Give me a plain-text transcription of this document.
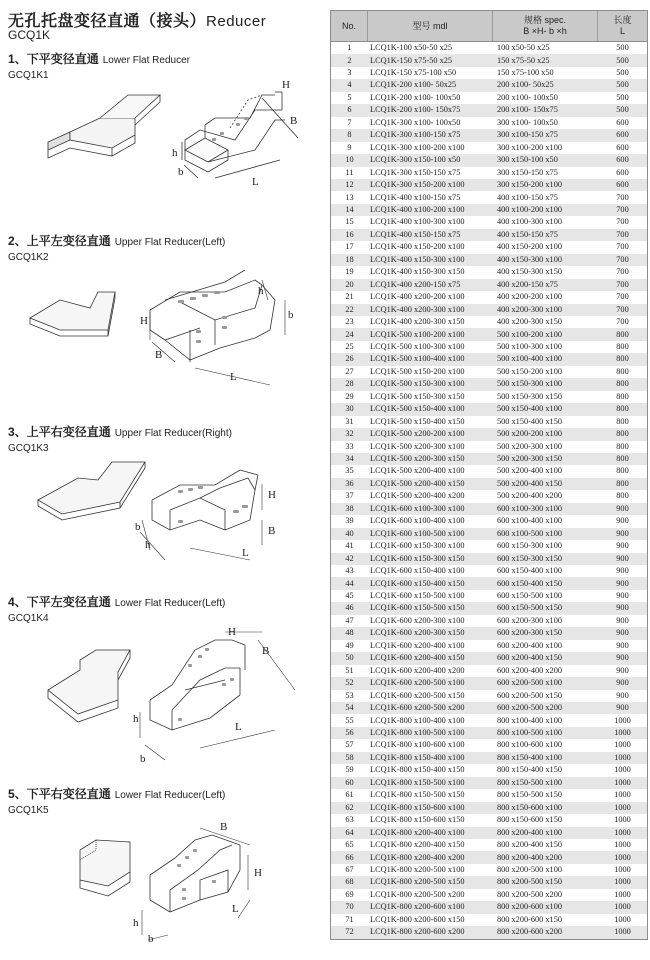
无孔托盘变径直通（接头）Reducer
GCQ1K
1、下平变径直通 Lower Flat Reducer
GCQ1K1
H
B
h
b
L
2、上平左变径直通 Upper Flat Reducer(Left)
GCQ1K2
H
B
h
b
L
3、上平右变径直通 Upper Flat Reducer(Right)
GCQ1K3
b
h
H
B
L
4、下平左变径直通 Lower Flat Reducer(Left)
GCQ1K4
H
B
h
b
L
5、下平右变径直通 Lower Flat Reducer(Left)
GCQ1K5
B
H
L
h
b
No.	型号 mdl
规格 spec.
B ×H- b ×h
长度
L
1	LCQ1K-100 x50-50 x25	100 x50-50 x25	500
2	LCQ1K-150 x75-50 x25	150 x75-50 x25	500
3	LCQ1K-150 x75-100 x50	150 x75-100 x50	500
4	LCQ1K-200 x100- 50x25	200 x100- 50x25	500
5	LCQ1K-200 x100- 100x50	200 x100- 100x50	500
6	LCQ1K-200 x100- 150x75	200 x100- 150x75	500
7	LCQ1K-300 x100- 100x50	300 x100- 100x50	600
8	LCQ1K-300 x100-150 x75	300 x100-150 x75	600
9	LCQ1K-300 x100-200 x100	300 x100-200 x100	600
10	LCQ1K-300 x150-100 x50	300 x150-100 x50	600
11	LCQ1K-300 x150-150 x75	300 x150-150 x75	600
12	LCQ1K-300 x150-200 x100	300 x150-200 x100	600
13	LCQ1K-400 x100-150 x75	400 x100-150 x75	700
14	LCQ1K-400 x100-200 x100	400 x100-200 x100	700
15	LCQ1K-400 x100-300 x100	400 x100-300 x100	700
16	LCQ1K-400 x150-150 x75	400 x150-150 x75	700
17	LCQ1K-400 x150-200 x100	400 x150-200 x100	700
18	LCQ1K-400 x150-300 x100	400 x150-300 x100	700
19	LCQ1K-400 x150-300 x150	400 x150-300 x150	700
20	LCQ1K-400 x200-150 x75	400 x200-150 x75	700
21	LCQ1K-400 x200-200 x100	400 x200-200 x100	700
22	LCQ1K-400 x200-300 x100	400 x200-300 x100	700
23	LCQ1K-400 x200-300 x150	400 x200-300 x150	700
24	LCQ1K-500 x100-200 x100	500 x100-200 x100	800
25	LCQ1K-500 x100-300 x100	500 x100-300 x100	800
26	LCQ1K-500 x100-400 x100	500 x100-400 x100	800
27	LCQ1K-500 x150-200 x100	500 x150-200 x100	800
28	LCQ1K-500 x150-300 x100	500 x150-300 x100	800
29	LCQ1K-500 x150-300 x150	500 x150-300 x150	800
30	LCQ1K-500 x150-400 x100	500 x150-400 x100	800
31	LCQ1K-500 x150-400 x150	500 x150-400 x150	800
32	LCQ1K-500 x200-200 x100	500 x200-200 x100	800
33	LCQ1K-500 x200-300 x100	500 x200-300 x100	800
34	LCQ1K-500 x200-300 x150	500 x200-300 x150	800
35	LCQ1K-500 x200-400 x100	500 x200-400 x100	800
36	LCQ1K-500 x200-400 x150	500 x200-400 x150	800
37	LCQ1K-500 x200-400 x200	500 x200-400 x200	800
38	LCQ1K-600 x100-300 x100	600 x100-300 x100	900
39	LCQ1K-600 x100-400 x100	600 x100-400 x100	900
40	LCQ1K-600 x100-500 x100	600 x100-500 x100	900
41	LCQ1K-600 x150-300 x100	600 x150-300 x100	900
42	LCQ1K-600 x150-300 x150	600 x150-300 x150	900
43	LCQ1K-600 x150-400 x100	600 x150-400 x100	900
44	LCQ1K-600 x150-400 x150	600 x150-400 x150	900
45	LCQ1K-600 x150-500 x100	600 x150-500 x100	900
46	LCQ1K-600 x150-500 x150	600 x150-500 x150	900
47	LCQ1K-600 x200-300 x100	600 x200-300 x100	900
48	LCQ1K-600 x200-300 x150	600 x200-300 x150	900
49	LCQ1K-600 x200-400 x100	600 x200-400 x100	900
50	LCQ1K-600 x200-400 x150	600 x200-400 x150	900
51	LCQ1K-600 x200-400 x200	600 x200-400 x200	900
52	LCQ1K-600 x200-500 x100	600 x200-500 x100	900
53	LCQ1K-600 x200-500 x150	600 x200-500 x150	900
54	LCQ1K-600 x200-500 x200	600 x200-500 x200	900
55	LCQ1K-800 x100-400 x100	800 x100-400 x100	1000
56	LCQ1K-800 x100-500 x100	800 x100-500 x100	1000
57	LCQ1K-800 x100-600 x100	800 x100-600 x100	1000
58	LCQ1K-800 x150-400 x100	800 x150-400 x100	1000
59	LCQ1K-800 x150-400 x150	800 x150-400 x150	1000
60	LCQ1K-800 x150-500 x100	800 x150-500 x100	1000
61	LCQ1K-800 x150-500 x150	800 x150-500 x150	1000
62	LCQ1K-800 x150-600 x100	800 x150-600 x100	1000
63	LCQ1K-800 x150-600 x150	800 x150-600 x150	1000
64	LCQ1K-800 x200-400 x100	800 x200-400 x100	1000
65	LCQ1K-800 x200-400 x150	800 x200-400 x150	1000
66	LCQ1K-800 x200-400 x200	800 x200-400 x200	1000
67	LCQ1K-800 x200-500 x100	800 x200-500 x100	1000
68	LCQ1K-800 x200-500 x150	800 x200-500 x150	1000
69	LCQ1K-800 x200-500 x200	800 x200-500 x200	1000
70	LCQ1K-800 x200-600 x100	800 x200-600 x100	1000
71	LCQ1K-800 x200-600 x150	800 x200-600 x150	1000
72	LCQ1K-800 x200-600 x200	800 x200-600 x200	1000
